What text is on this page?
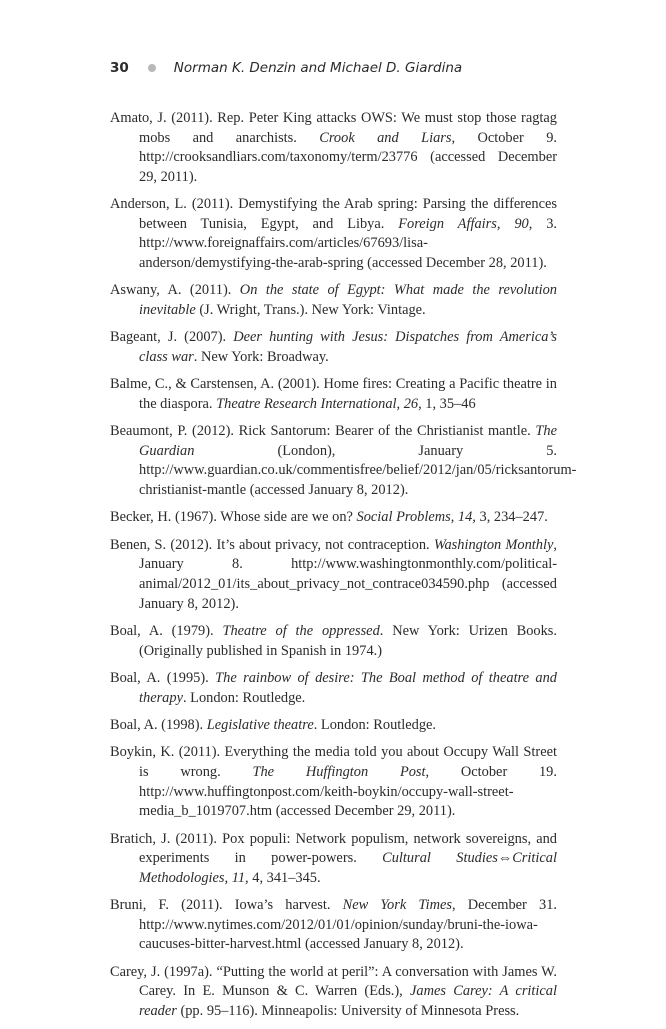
30	Norman K. Denzin and Michael D. Giardina

Amato, J. (2011). Rep. Peter King attacks OWS: We must stop those ragtag mobs and anarchists. Crook and Liars, October 9. http://crooksandliars.com/taxonomy/term/23776 (accessed December 29, 2011).

Anderson, L. (2011). Demystifying the Arab spring: Parsing the differences between Tunisia, Egypt, and Libya. Foreign Affairs, 90, 3. http://www.foreignaffairs.com/articles/67693/lisa-anderson/demystifying-the-arab-spring (accessed December 28, 2011).

Aswany, A. (2011). On the state of Egypt: What made the revolution inevitable (J. Wright, Trans.). New York: Vintage.

Bageant, J. (2007). Deer hunting with Jesus: Dispatches from America’s class war. New York: Broadway.

Balme, C., & Carstensen, A. (2001). Home fires: Creating a Pacific theatre in the diaspora. Theatre Research International, 26, 1, 35–46

Beaumont, P. (2012). Rick Santorum: Bearer of the Christianist mantle. The Guardian (London), January 5. http://www.guardian.co.uk/commentisfree/belief/2012/jan/05/ricksantorum-christianist-mantle (accessed January 8, 2012).

Becker, H. (1967). Whose side are we on? Social Problems, 14, 3, 234–247.

Benen, S. (2012). It’s about privacy, not contraception. Washington Monthly, January 8. http://www.washingtonmonthly.com/political-animal/2012_01/its_about_privacy_not_contrace034590.php (accessed January 8, 2012).

Boal, A. (1979). Theatre of the oppressed. New York: Urizen Books. (Originally published in Spanish in 1974.)

Boal, A. (1995). The rainbow of desire: The Boal method of theatre and therapy. London: Routledge.

Boal, A. (1998). Legislative theatre. London: Routledge.

Boykin, K. (2011). Everything the media told you about Occupy Wall Street is wrong. The Huffington Post, October 19. http://www.huffingtonpost.com/keith-boykin/occupy-wall-street-media_b_1019707.htm (accessed December 29, 2011).

Bratich, J. (2011). Pox populi: Network populism, network sovereigns, and experiments in power-powers. Cultural Studies⇔Critical Methodologies, 11, 4, 341–345.

Bruni, F. (2011). Iowa’s harvest. New York Times, December 31. http://www.nytimes.com/2012/01/01/opinion/sunday/bruni-the-iowa-caucuses-bitter-harvest.html (accessed January 8, 2012).

Carey, J. (1997a). “Putting the world at peril”: A conversation with James W. Carey. In E. Munson & C. Warren (Eds.), James Carey: A critical reader (pp. 95–116). Minneapolis: University of Minnesota Press.
